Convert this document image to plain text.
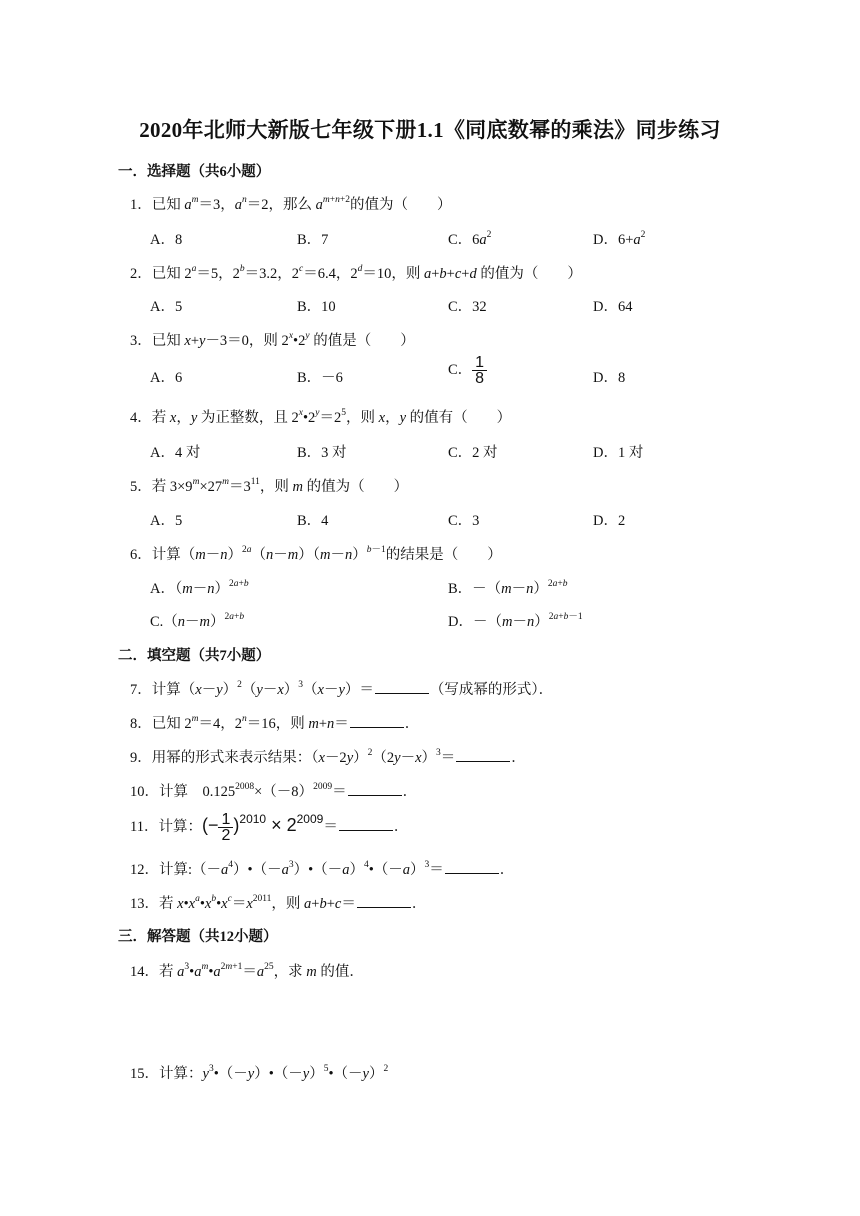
2020年北师大新版七年级下册1.1《同底数幂的乘法》同步练习
一．选择题（共6小题）
1．已知 $a^m=3$，$a^n=2$，那么 $a^{m+n+2}$的值为（　　）
A．8	B．7	C．$6a^2$	D．$6+a^2$
2．已知 $2^a=5$，$2^b=3.2$，$2^c=6.4$，$2^d=10$，则 a+b+c+d 的值为（　　）
A．5	B．10	C．32	D．64
3．已知 x+y－3＝0，则 2$^x$•2$^y$ 的值是（　　）
A．6	B．－6
C． $\frac{1}{8}$	D．8
4．若 x，y 为正整数，且 $2^x•2^y=2^5$，则 x，y 的值有（　　）
A．4 对	B．3 对	C．2 对	D．1 对
5．若 $3\times 9^m\times 27^m=3^{11}$，则 m 的值为（　　）
A．5	B．4	C．3	D．2
6．计算$(m-n)^{2a}(n-m)(m-n)^{b-1}$的结果是（　　）
A．$(m-n)^{2a+b}$	B．$-(m-n)^{2a+b}$
$C.(n-m)^{2a+b}$	D．$-(m-n)^{2a+b-1}$
二．填空题（共7小题）
7．计算$(x-y)^2(y-x)^3(x-y)=$	（写成幂的形式）．
8．已知 $2^m=4$，$2^n=16$，则 m+n＝	．
9．用幂的形式来表示结果：$(x-2y)^2(2y-x)^3=$	．
10．计算　$0.125^{2008}\times(-8)^{2009}=$	．
11．计算：(− $\frac{1}{2} )^{2010} \times 2^{2009}=$	．
12．计算$:(-a^4)•(-a^3)•(-a)^4•(-a)^3=$	．
13．若 $x•x^a•x^b•x^c=x^{2011}$，则 a+b+c＝	．
三．解答题（共12小题）
14．若 $a^3•a^m•a^{2m+1}=a^{25}$，求 m 的值．
15．计算：$y^3•(-y)•(-y)^5•(-y)^2$
